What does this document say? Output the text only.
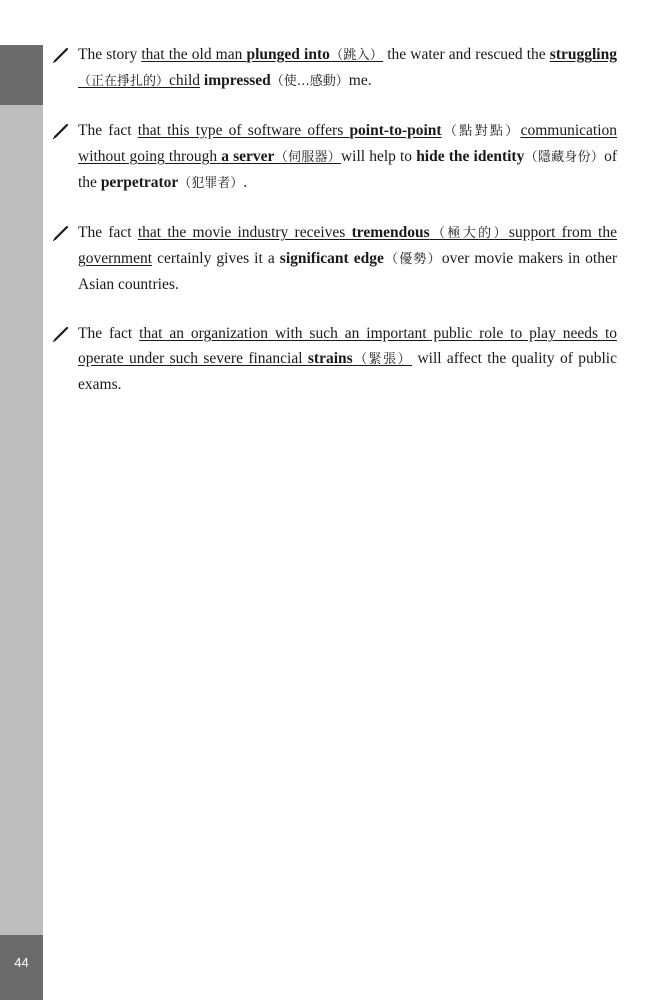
44
The story that the old man plunged into（跳入） the water and rescued the struggling（正在掙扎的）child impressed（使…感動）me.
The fact that this type of software offers point-to-point（點對點）communication without going through a server（伺服器）will help to hide the identity（隱藏身份）of the perpetrator（犯罪者）.
The fact that the movie industry receives tremendous（極大的）support from the government certainly gives it a significant edge（優勢）over movie makers in other Asian countries.
The fact that an organization with such an important public role to play needs to operate under such severe financial strains（緊張） will affect the quality of public exams.
